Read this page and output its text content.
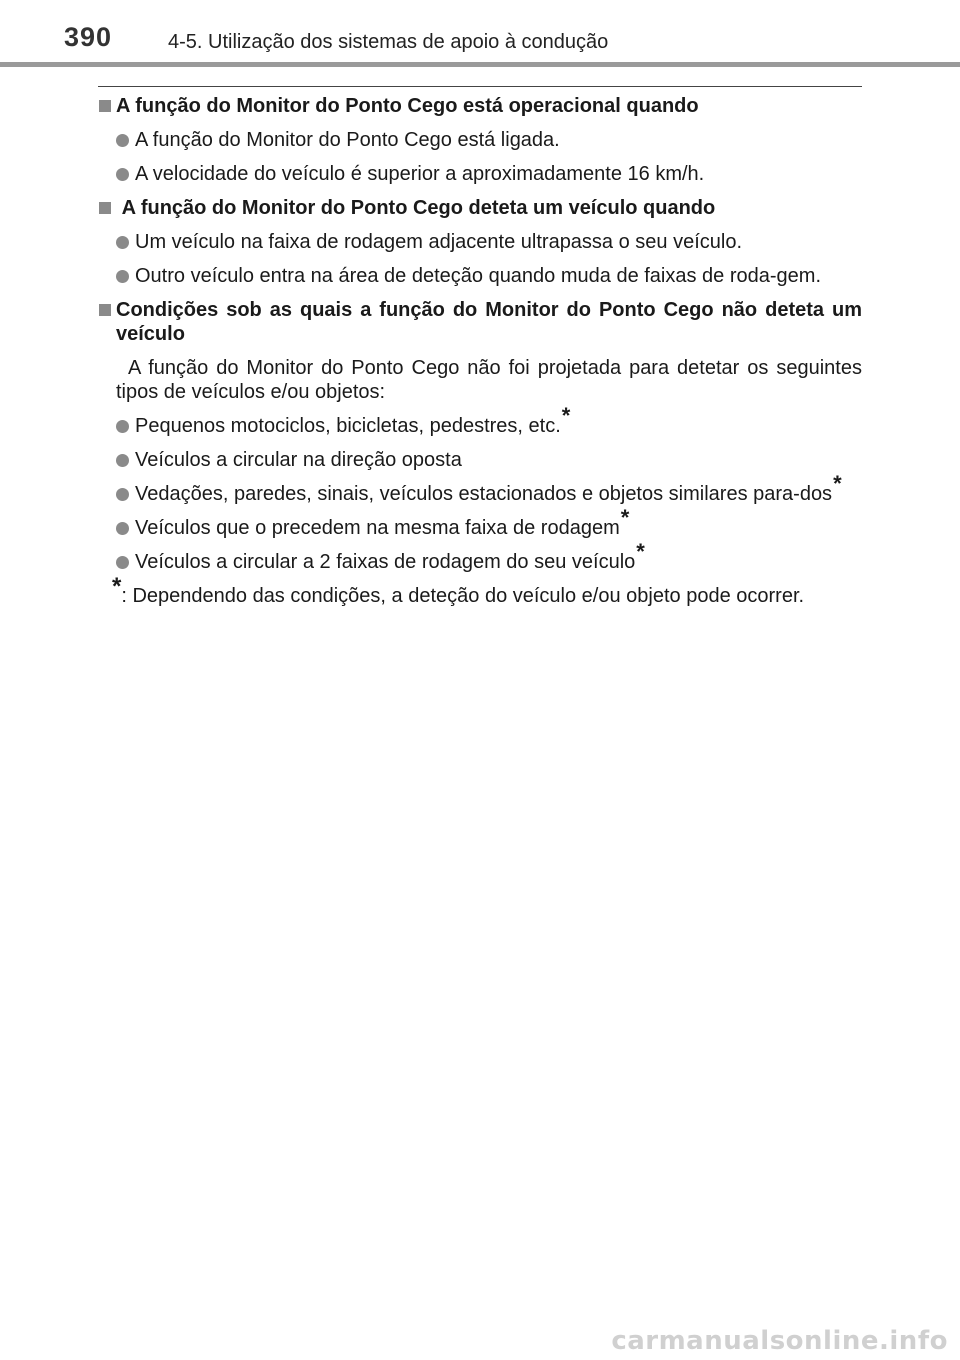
390	4-5. Utilização dos sistemas de apoio à condução
A função do Monitor do Ponto Cego está operacional quando
A função do Monitor do Ponto Cego está ligada.
A velocidade do veículo é superior a aproximadamente 16 km/h.
A função do Monitor do Ponto Cego deteta um veículo quando
Um veículo na faixa de rodagem adjacente ultrapassa o seu veículo.
Outro veículo entra na área de deteção quando muda de faixas de roda-gem.
Condições sob as quais a função do Monitor do Ponto Cego não deteta um veículo
A função do Monitor do Ponto Cego não foi projetada para detetar os seguintes tipos de veículos e/ou objetos:
Pequenos motociclos, bicicletas, pedestres, etc.*
Veículos a circular na direção oposta
Vedações, paredes, sinais, veículos estacionados e objetos similares para-dos*
Veículos que o precedem na mesma faixa de rodagem*
Veículos a circular a 2 faixas de rodagem do seu veículo*
*: Dependendo das condições, a deteção do veículo e/ou objeto pode ocorrer.
carmanualsonline.info
